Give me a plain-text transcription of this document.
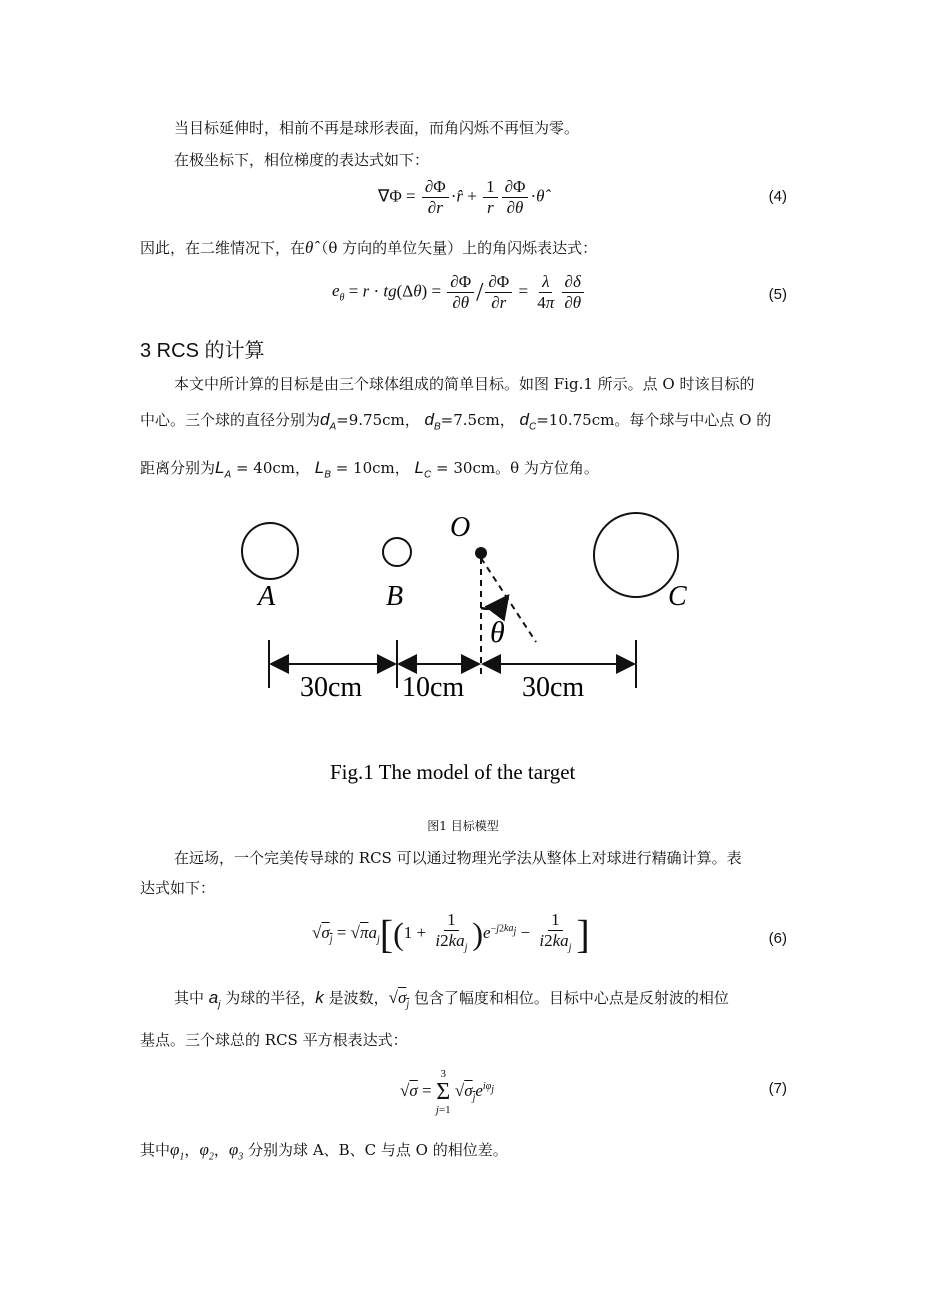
当目标延伸时，相前不再是球形表面，而角闪烁不再恒为零。
在极坐标下，相位梯度的表达式如下：
$\nabla\Phi = \frac{\partial\Phi}{\partial r}$ ·r̂ + $\frac{1}{r} \frac{\partial\Phi}{\partial\theta}$ ·θ̂	(4)
因此，在二维情况下，在θ̂（θ 方向的单位矢量）上的角闪烁表达式：
$e_\theta = r \cdot tg(\Delta\theta) = \frac{\partial\Phi}{\partial\theta} / \frac{\partial\Phi}{\partial r} = \frac{\lambda}{4\pi} \frac{\partial\delta}{\partial\theta}$	(5)
3 RCS 的计算
本文中所计算的目标是由三个球体组成的简单目标。如图 Fig.1 所示。点 O 时该目标的
中心。三个球的直径分别为$d_A=9.75cm$， $d_B=7.5cm$， $d_C=10.75cm$。每个球与中心点 O 的
距离分别为$L_A = 40cm$， $L_B = 10cm$， $L_C = 30cm$。θ 为方位角。
A	B	C
O
θ
30cm 10cm 30cm
Fig.1 The model of the target
图1 目标模型
在远场，一个完美传导球的 RCS 可以通过物理光学法从整体上对球进行精确计算。表
达式如下：
$√\sigma_j = √\pi a_j[(1 + \frac{1}{i2ka_j} )e^{-j2ka_j} - \frac{1}{i2ka_j}$ ]	(6)
其中 $a_j$ 为球的半径，k 是波数，$√\sigma_j$ 包含了幅度和相位。目标中心点是反射波的相位
基点。三个球总的 RCS 平方根表达式：
√σ =
3
Σ
j=1
$√\sigma_je^{i\varphi_j}$	(7)
其中$\varphi_1$，$\varphi_2$，$\varphi_3$ 分别为球 A、B、C 与点 O 的相位差。
